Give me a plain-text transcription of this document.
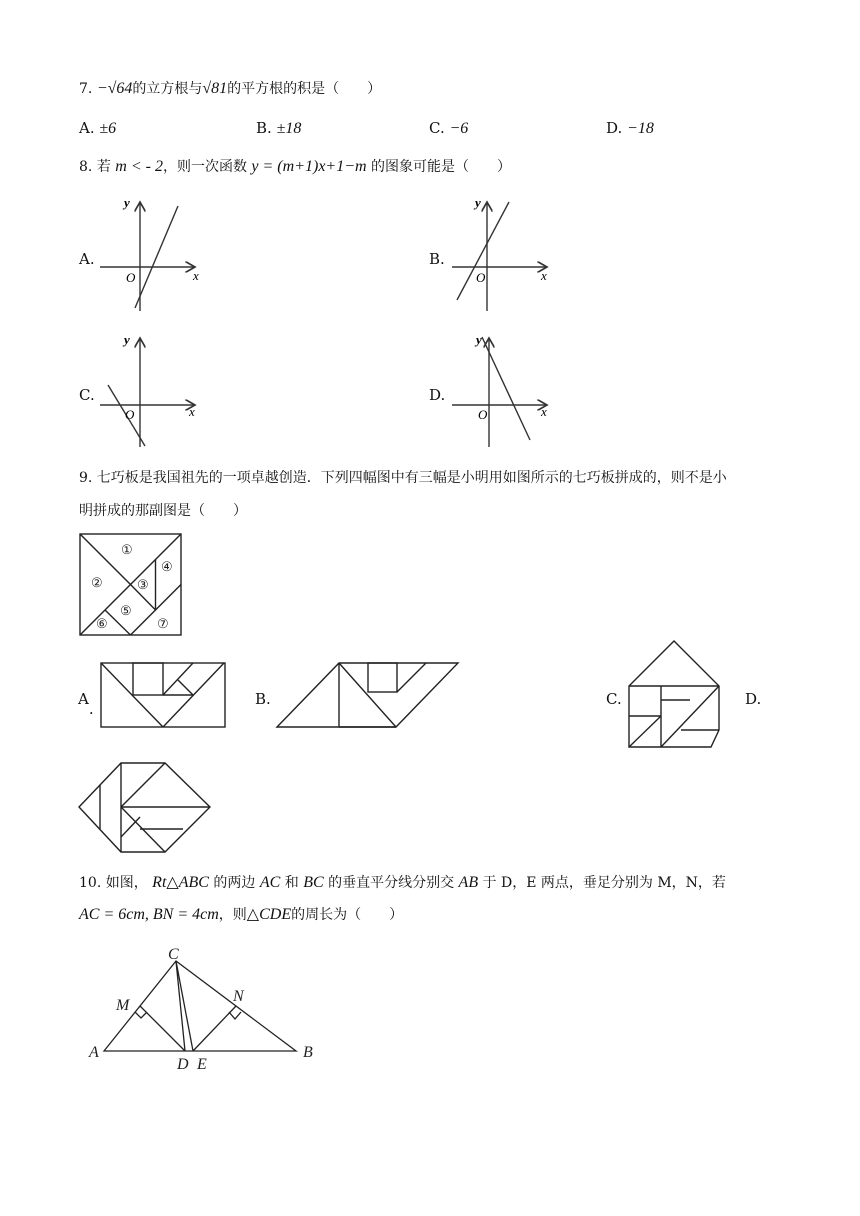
7. −√64的立方根与√81的平方根的积是（　　）
A. ±6	B. ±18	C. −6	D. −18
8. 若 m < - 2，则一次函数 y = (m+1)x+1−m 的图象可能是（　　）
A.
x
y
O
B.
x
y
O
C.
x
y
O
D.
x
y
O
9. 七巧板是我国祖先的一项卓越创造．下列四幅图中有三幅是小明用如图所示的七巧板拼成的，则不是小
明拼成的那副图是（　　）
①
②	③
④
⑤
⑥	⑦
A.
B.	C.	D.
10. 如图， Rt△ABC 的两边 AC 和 BC 的垂直平分线分别交 AB 于 D，E 两点，垂足分别为 M，N，若
AC = 6cm, BN = 4cm，则△CDE的周长为（　　）
A	B
C
D E
M
N
